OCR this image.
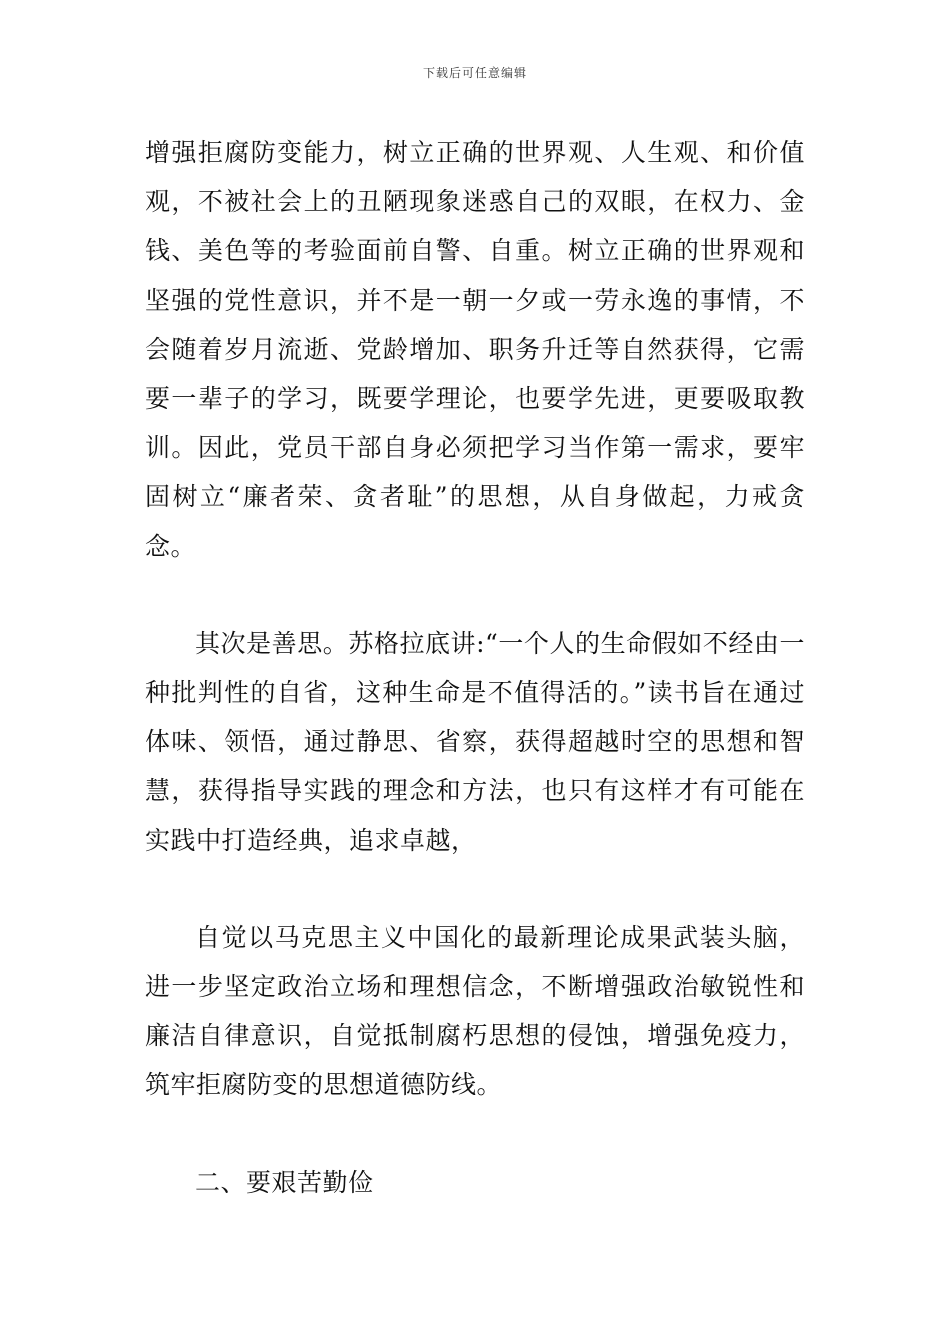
下载后可任意编辑

增强拒腐防变能力，树立正确的世界观、人生观、和价值观，不被社会上的丑陋现象迷惑自己的双眼，在权力、金钱、美色等的考验面前自警、自重。树立正确的世界观和坚强的党性意识，并不是一朝一夕或一劳永逸的事情，不会随着岁月流逝、党龄增加、职务升迁等自然获得，它需要一辈子的学习，既要学理论，也要学先进，更要吸取教训。因此，党员干部自身必须把学习当作第一需求，要牢固树立“廉者荣、贪者耻”的思想，从自身做起，力戒贪念。

其次是善思。苏格拉底讲:“一个人的生命假如不经由一种批判性的自省，这种生命是不值得活的。”读书旨在通过体味、领悟，通过静思、省察，获得超越时空的思想和智慧，获得指导实践的理念和方法，也只有这样才有可能在实践中打造经典，追求卓越，

自觉以马克思主义中国化的最新理论成果武装头脑，进一步坚定政治立场和理想信念，不断增强政治敏锐性和廉洁自律意识，自觉抵制腐朽思想的侵蚀，增强免疫力，筑牢拒腐防变的思想道德防线。

二、要艰苦勤俭
